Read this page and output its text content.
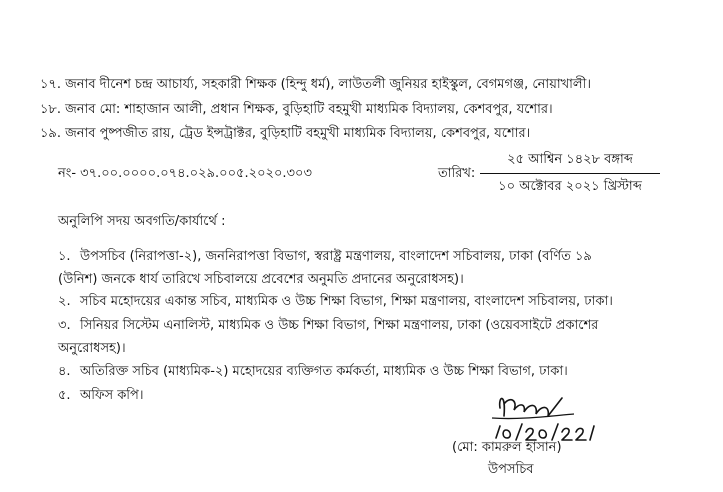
১৭. জনাব দীনেশ চন্দ্র আচার্য্য, সহকারী শিক্ষক (হিন্দু ধর্ম), লাউতলী জুনিয়র হাইস্কুল, বেগমগঞ্জ, নোয়াখালী।
১৮. জনাব মো: শাহাজান আলী, প্রধান শিক্ষক, বুড়িহাটি বহমুখী মাধ্যমিক বিদ্যালয়, কেশবপুর, যশোর।
১৯. জনাব পুষ্পজীত রায়, ট্রেড ইন্সট্রাক্টর, বুড়িহাটি বহমুখী মাধ্যমিক বিদ্যালয়, কেশবপুর, যশোর।
নং- ৩৭.০০.০০০০.০৭৪.০২৯.০০৫.২০২০.৩০৩	তারিখ:
২৫ আশ্বিন ১৪২৮ বঙ্গাব্দ
১০ অক্টোবর ২০২১ খ্রিস্টাব্দ
অনুলিপি সদয় অবগতি/কার্যার্থে :
১. উপসচিব (নিরাপত্তা-২), জননিরাপত্তা বিভাগ, স্বরাষ্ট্র মন্ত্রণালয়, বাংলাদেশ সচিবালয়, ঢাকা (বর্ণিত ১৯
(উনিশ) জনকে ধার্য তারিখে সচিবালয়ে প্রবেশের অনুমতি প্রদানের অনুরোধসহ)।
২. সচিব মহোদয়ের একান্ত সচিব, মাধ্যমিক ও উচ্চ শিক্ষা বিভাগ, শিক্ষা মন্ত্রণালয়, বাংলাদেশ সচিবালয়, ঢাকা।
৩. সিনিয়র সিস্টেম এনালিস্ট, মাধ্যমিক ও উচ্চ শিক্ষা বিভাগ, শিক্ষা মন্ত্রণালয়, ঢাকা (ওয়েবসাইটে প্রকাশের
অনুরোধসহ)।
৪. অতিরিক্ত সচিব (মাধ্যমিক-২) মহোদয়ের ব্যক্তিগত কর্মকর্তা, মাধ্যমিক ও উচ্চ শিক্ষা বিভাগ, ঢাকা।
৫. অফিস কপি।
(মো: কামরুল হাসান)
উপসচিব
